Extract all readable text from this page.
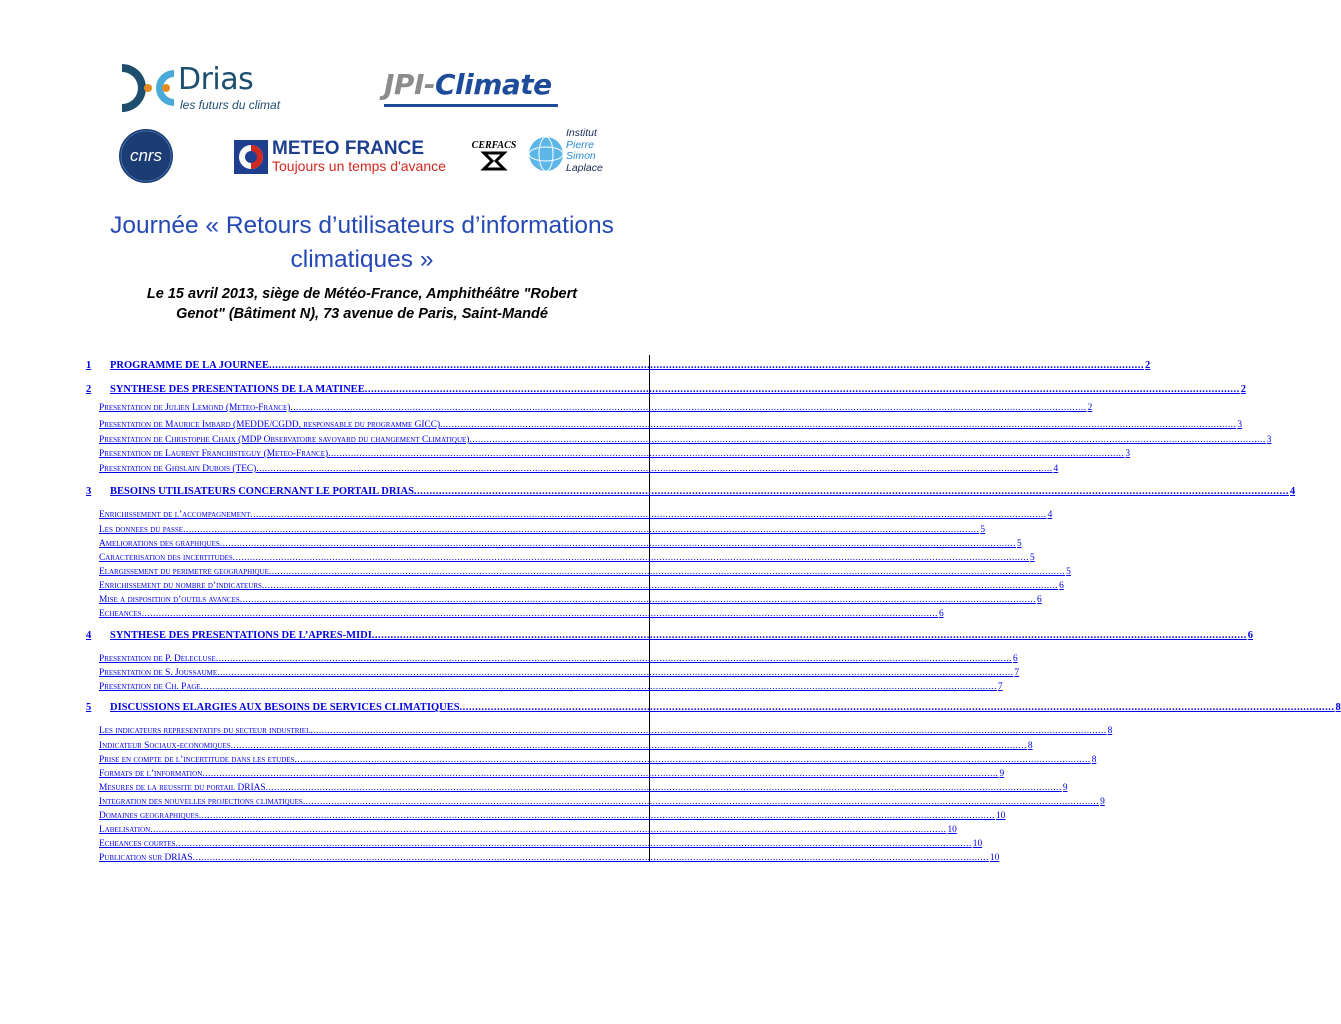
Drias
les futurs du climat
JPI-Climate
cnrs	METEO FRANCE
Toujours un temps d'avance
CERFACS
Institut
Pierre
Simon
Laplace
Journée « Retours d’utilisateurs d’informations
climatiques »
Le 15 avril 2013, siège de Météo-France, Amphithéâtre "Robert
Genot" (Bâtiment N), 73 avenue de Paris, Saint-Mandé
1	PROGRAMME DE LA JOURNEE .....	2
2	SYNTHESE DES PRESENTATIONS DE LA MATINEE .....	2
Presentation de Julien Lemond (Meteo-France) .....	2
Presentation de Maurice Imbard (MEDDE/CGDD, responsable du programme GICC) .....	3
Presentation de Christophe Chaix (MDP Observatoire savoyard du changement Climatique) .....	3
Presentation de Laurent Franchisteguy (Meteo-France) .....	3
Presentation de Ghislain Dubois (TEC) .....	4
3	BESOINS UTILISATEURS CONCERNANT LE PORTAIL DRIAS .....	4
Enrichissement de l’accompagnement .....	4
Les donnees du passe .....	5
Ameliorations des graphiques .....	5
Caracterisation des incertitudes .....	5
Elargissement du perimetre geographique .....	5
Enrichissement du nombre d’indicateurs .....	6
Mise a disposition d’outils avances .....	6
Echeances .....	6
4	SYNTHESE DES PRESENTATIONS DE L’APRES-MIDI .....	6
Presentation de P. Delecluse .....	6
Presentation de S. Joussaume .....	7
Presentation de Ch. Page .....	7
5	DISCUSSIONS ELARGIES AUX BESOINS DE SERVICES CLIMATIQUES .....	8
Les indicateurs representatifs du secteur industriel .....	8
Indicateur Sociaux-economiques .....	8
Prise en compte de l’incertitude dans les etudes .....	8
Formats de l’information .....	9
Mesures de la reussite du portail DRIAS .....	9
Integration des nouvelles projections climatiques .....	9
Domaines geographiques .....	10
Labelisation .....	10
Echeances courtes .....	10
Publication sur DRIAS .....	10
